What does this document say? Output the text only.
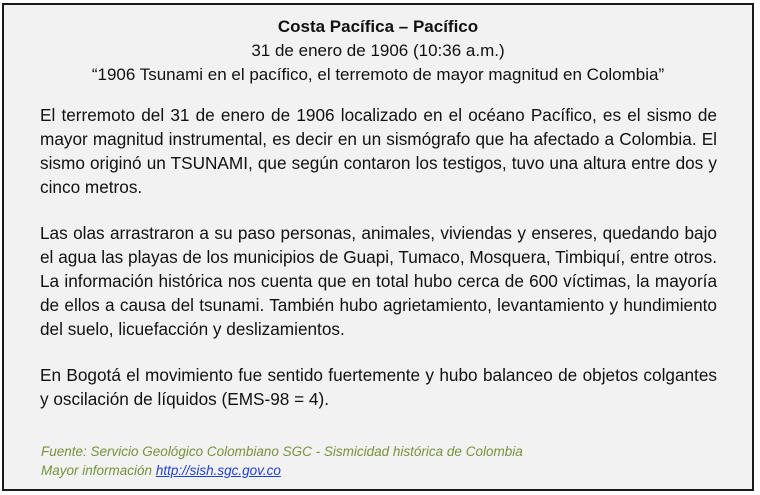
Costa Pacífica – Pacífico
31 de enero de 1906 (10:36 a.m.)
“1906 Tsunami en el pacífico, el terremoto de mayor magnitud en Colombia”

El terremoto del 31 de enero de 1906 localizado en el océano Pacífico, es el sismo de mayor magnitud instrumental, es decir en un sismógrafo que ha afectado a Colombia. El sismo originó un TSUNAMI, que según contaron los testigos, tuvo una altura entre dos y cinco metros.

Las olas arrastraron a su paso personas, animales, viviendas y enseres, quedando bajo el agua las playas de los municipios de Guapi, Tumaco, Mosquera, Timbiquí, entre otros. La información histórica nos cuenta que en total hubo cerca de 600 víctimas, la mayoría de ellos a causa del tsunami. También hubo agrietamiento, levantamiento y hundimiento del suelo, licuefacción y deslizamientos.

En Bogotá el movimiento fue sentido fuertemente y hubo balanceo de objetos colgantes y oscilación de líquidos (EMS-98 = 4).

Fuente: Servicio Geológico Colombiano SGC - Sismicidad histórica de Colombia
Mayor información http://sish.sgc.gov.co
